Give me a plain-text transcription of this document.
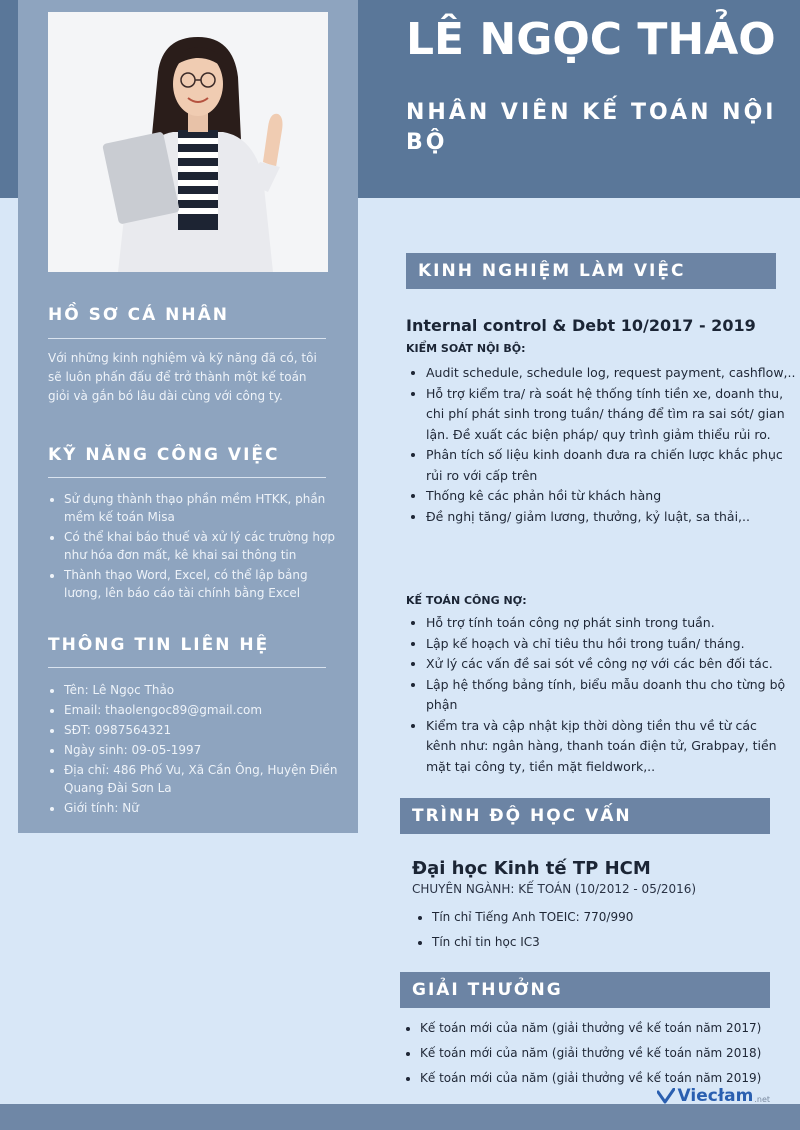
HỒ SƠ CÁ NHÂN

Với những kinh nghiệm và kỹ năng đã có, tôi sẽ luôn phấn đấu để trở thành một kế toán giỏi và gắn bó lâu dài cùng với công ty.

KỸ NĂNG CÔNG VIỆC
• Sử dụng thành thạo phần mềm HTKK, phần mềm kế toán Misa
• Có thể khai báo thuế và xử lý các trường hợp như hóa đơn mất, kê khai sai thông tin
• Thành thạo Word, Excel, có thể lập bảng lương, lên báo cáo tài chính bằng Excel
THÔNG TIN LIÊN HỆ
• Tên: Lê Ngọc Thảo
• Email: thaolengoc89@gmail.com
• SĐT: 0987564321
• Ngày sinh: 09-05-1997
• Địa chỉ: 486 Phố Vu, Xã Cần Ông, Huyện Điền Quang Đài Sơn La
• Giới tính: Nữ
LÊ NGỌC THẢO
NHÂN VIÊN KẾ TOÁN NỘI BỘ
KINH NGHIỆM LÀM VIỆC

Internal control & Debt 10/2017 - 2019

KIỂM SOÁT NỘI BỘ:

• Audit schedule, schedule log, request payment, cashflow,..
• Hỗ trợ kiểm tra/ rà soát hệ thống tính tiền xe, doanh thu, chi phí phát sinh trong tuần/ tháng để tìm ra sai sót/ gian lận. Đề xuất các biện pháp/ quy trình giảm thiểu rủi ro.
• Phân tích số liệu kinh doanh đưa ra chiến lược khắc phục rủi ro với cấp trên
• Thống kê các phản hồi từ khách hàng
• Đề nghị tăng/ giảm lương, thưởng, kỷ luật, sa thải,..

KẾ TOÁN CÔNG NỢ:

• Hỗ trợ tính toán công nợ phát sinh trong tuần.
• Lập kế hoạch và chỉ tiêu thu hồi trong tuần/ tháng.
• Xử lý các vấn đề sai sót về công nợ với các bên đối tác.
• Lập hệ thống bảng tính, biểu mẫu doanh thu cho từng bộ phận
• Kiểm tra và cập nhật kịp thời dòng tiền thu về từ các kênh như: ngân hàng, thanh toán điện tử, Grabpay, tiền mặt tại công ty, tiền mặt fieldwork,..
TRÌNH ĐỘ HỌC VẤN

Đại học Kinh tế TP HCM

CHUYÊN NGÀNH: KẾ TOÁN (10/2012 - 05/2016)

• Tín chỉ Tiếng Anh TOEIC: 770/990
• Tín chỉ tin học IC3
GIẢI THƯỞNG
• Kế toán mới của năm (giải thưởng về kế toán năm 2017)
• Kế toán mới của năm (giải thưởng về kế toán năm 2018)
• Kế toán mới của năm (giải thưởng về kế toán năm 2019)
Viecłam .net
